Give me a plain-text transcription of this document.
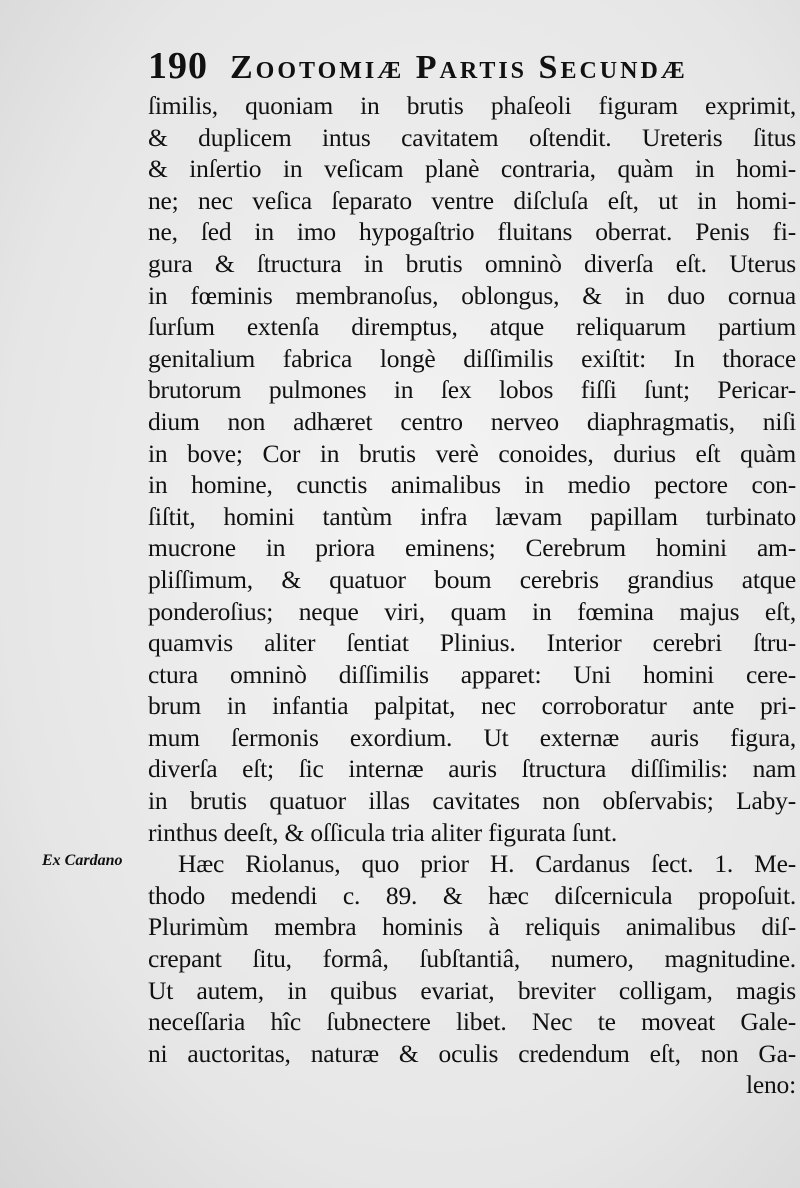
190 Zootomiæ Partis Secundæ
ſimilis, quoniam in brutis phaſeoli figuram exprimit,
& duplicem intus cavitatem oſtendit. Ureteris ſitus
& inſertio in veſicam planè contraria, quàm in homi-
ne; nec veſica ſeparato ventre diſcluſa eſt, ut in homi-
ne, ſed in imo hypogaſtrio fluitans oberrat. Penis fi-
gura & ſtructura in brutis omninò diverſa eſt. Uterus
in fœminis membranoſus, oblongus, & in duo cornua
ſurſum extenſa diremptus, atque reliquarum partium
genitalium fabrica longè diſſimilis exiſtit: In thorace
brutorum pulmones in ſex lobos fiſſi ſunt; Pericar-
dium non adhæret centro nerveo diaphragmatis, niſi
in bove; Cor in brutis verè conoides, durius eſt quàm
in homine, cunctis animalibus in medio pectore con-
ſiſtit, homini tantùm infra lævam papillam turbinato
mucrone in priora eminens; Cerebrum homini am-
pliſſimum, & quatuor boum cerebris grandius atque
ponderoſius; neque viri, quam in fœmina majus eſt,
quamvis aliter ſentiat Plinius. Interior cerebri ſtru-
ctura omninò diſſimilis apparet: Uni homini cere-
brum in infantia palpitat, nec corroboratur ante pri-
mum ſermonis exordium. Ut externæ auris figura,
diverſa eſt; ſic internæ auris ſtructura diſſimilis: nam
in brutis quatuor illas cavitates non obſervabis; Laby-
rinthus deeſt, & oſſicula tria aliter figurata ſunt.
Hæc Riolanus, quo prior H. Cardanus ſect. 1. Me-
thodo medendi c. 89. & hæc diſcernicula propoſuit.
Plurimùm membra hominis à reliquis animalibus diſ-
crepant ſitu, formâ, ſubſtantiâ, numero, magnitudine.
Ut autem, in quibus evariat, breviter colligam, magis
neceſſaria hîc ſubnectere libet. Nec te moveat Gale-
ni auctoritas, naturæ & oculis credendum eſt, non Ga-
leno:
Ex Cardano
